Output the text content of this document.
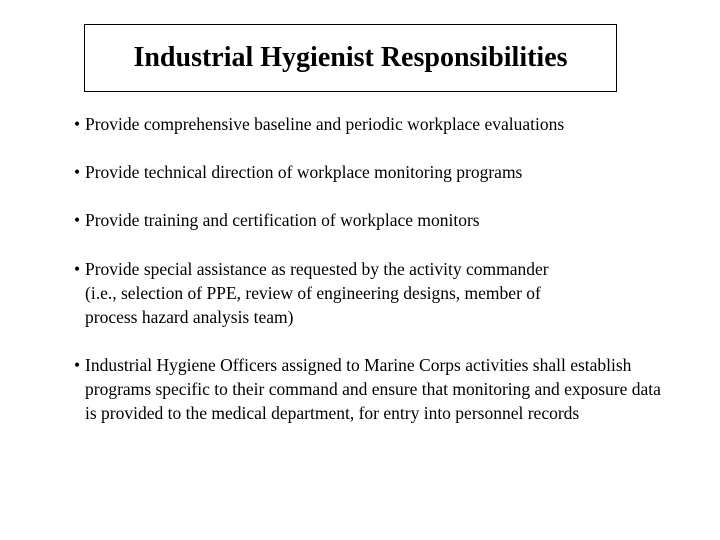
Industrial Hygienist Responsibilities
• Provide comprehensive baseline and periodic workplace evaluations
• Provide technical direction of workplace monitoring programs
• Provide training and certification of workplace monitors
• Provide special assistance as requested by the activity commander (i.e., selection of PPE, review of engineering designs, member of process hazard analysis team)
• Industrial Hygiene Officers assigned to Marine Corps activities shall establish programs specific to their command and ensure that monitoring and exposure data is provided to the medical department, for entry into personnel records
